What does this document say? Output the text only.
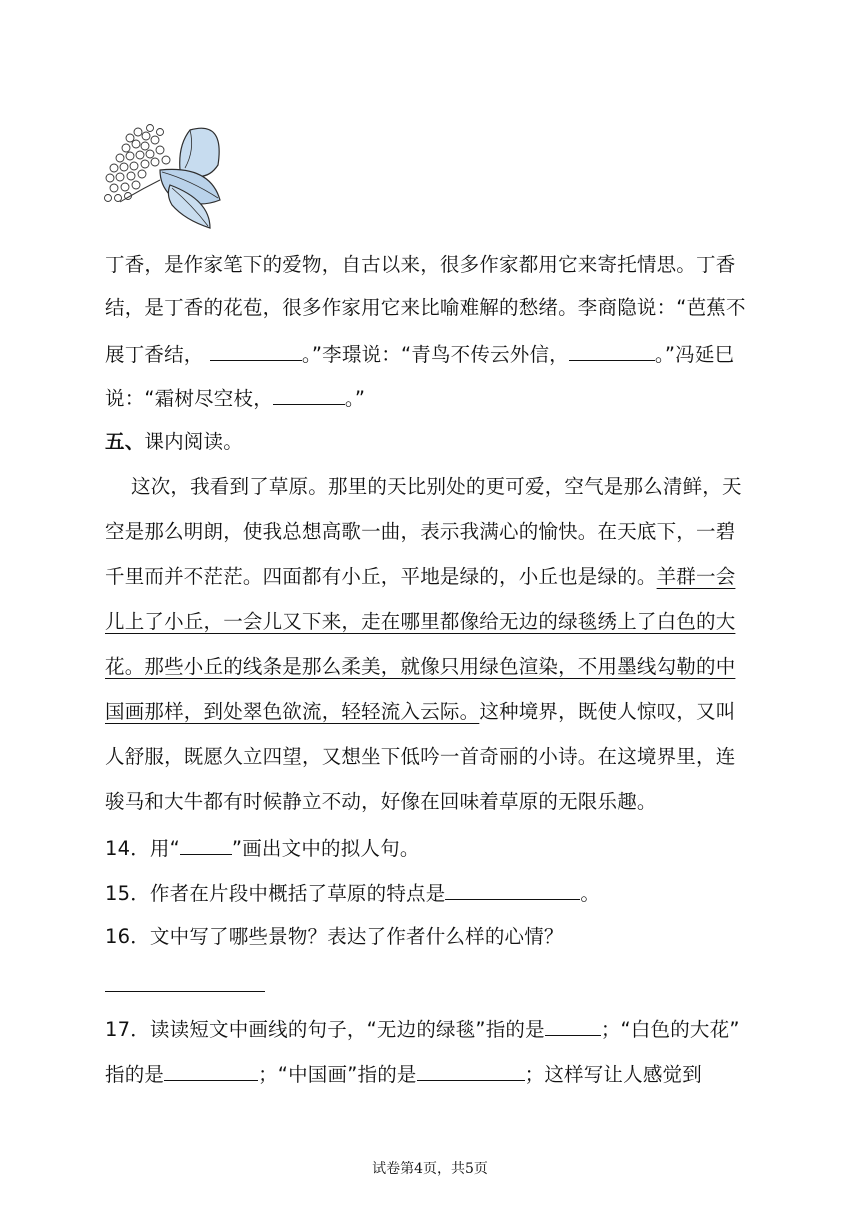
丁香，是作家笔下的爱物，自古以来，很多作家都用它来寄托情思。丁香
结，是丁香的花苞，很多作家用它来比喻难解的愁绪。李商隐说：“芭蕉不
展丁香结，	。”李璟说：“青鸟不传云外信，	。”冯延巳
说：“霜树尽空枝，	。”
五、课内阅读。
这次，我看到了草原。那里的天比别处的更可爱，空气是那么清鲜，天
空是那么明朗，使我总想高歌一曲，表示我满心的愉快。在天底下，一碧
千里而并不茫茫。四面都有小丘，平地是绿的，小丘也是绿的。羊群一会
儿上了小丘，一会儿又下来，走在哪里都像给无边的绿毯绣上了白色的大
花。那些小丘的线条是那么柔美，就像只用绿色渲染，不用墨线勾勒的中
国画那样，到处翠色欲流，轻轻流入云际。这种境界，既使人惊叹，又叫
人舒服，既愿久立四望，又想坐下低吟一首奇丽的小诗。在这境界里，连
骏马和大牛都有时候静立不动，好像在回味着草原的无限乐趣。
14．用“	”画出文中的拟人句。
15．作者在片段中概括了草原的特点是	。
16．文中写了哪些景物？表达了作者什么样的心情？
17．读读短文中画线的句子，“无边的绿毯”指的是	；“白色的大花”
指的是	；“中国画”指的是	；这样写让人感觉到
试卷第4页，共5页
